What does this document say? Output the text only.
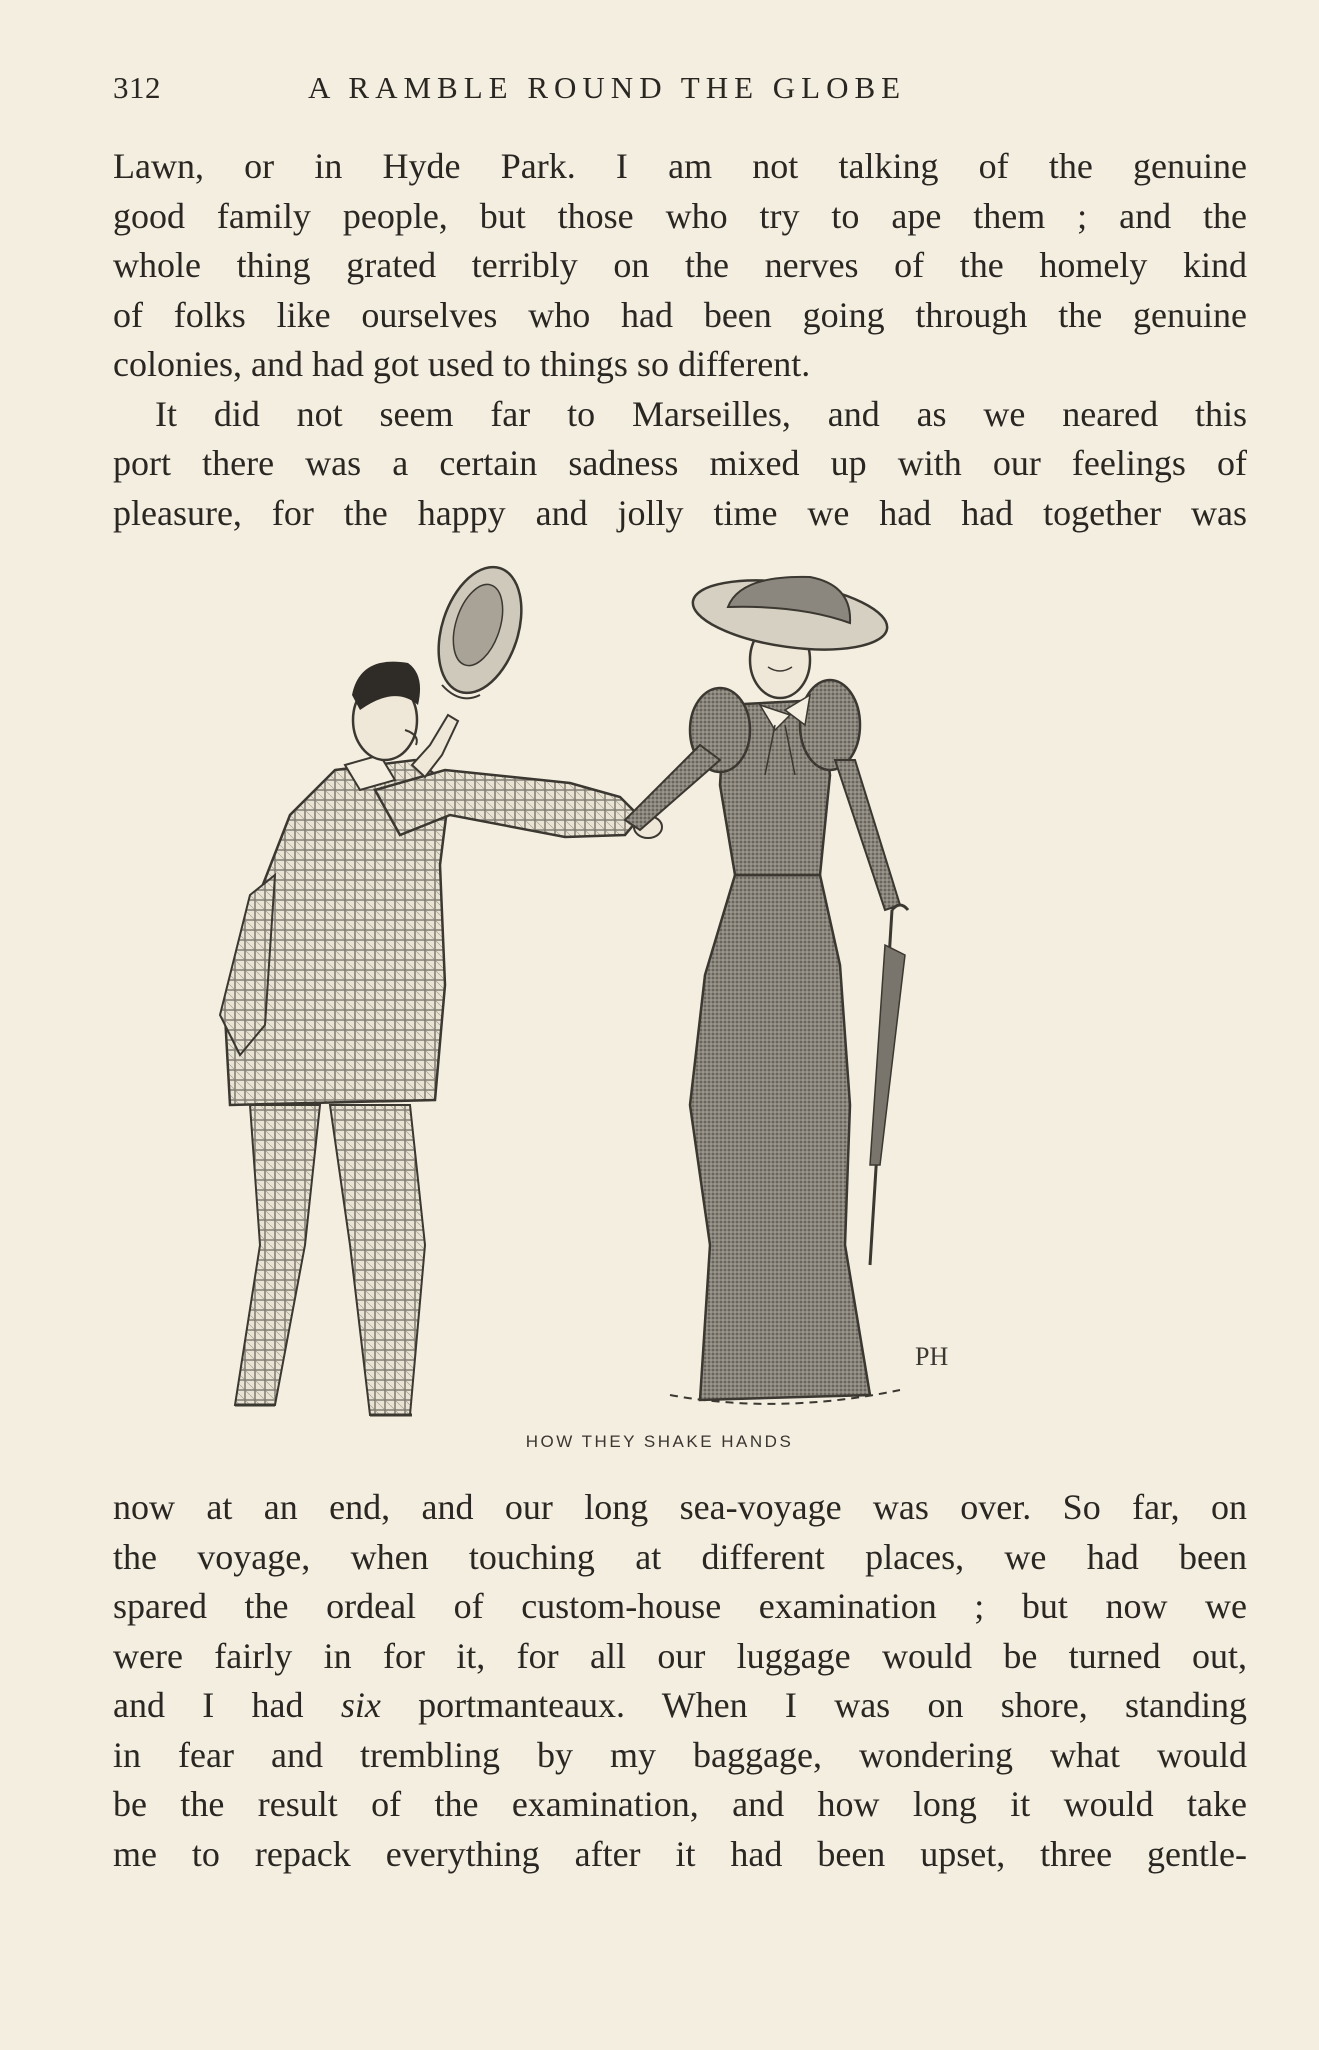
312	A RAMBLE ROUND THE GLOBE

Lawn, or in Hyde Park. I am not talking of the genuine

good family people, but those who try to ape them ; and the

whole thing grated terribly on the nerves of the homely kind

of folks like ourselves who had been going through the genuine

colonies, and had got used to things so different.

It did not seem far to Marseilles, and as we neared this

port there was a certain sadness mixed up with our feelings of

pleasure, for the happy and jolly time we had had together was

PH
HOW THEY SHAKE HANDS

now at an end, and our long sea-voyage was over. So far, on

the voyage, when touching at different places, we had been

spared the ordeal of custom-house examination ; but now we

were fairly in for it, for all our luggage would be turned out,

and I had six portmanteaux. When I was on shore, standing

in fear and trembling by my baggage, wondering what would

be the result of the examination, and how long it would take

me to repack everything after it had been upset, three gentle-
